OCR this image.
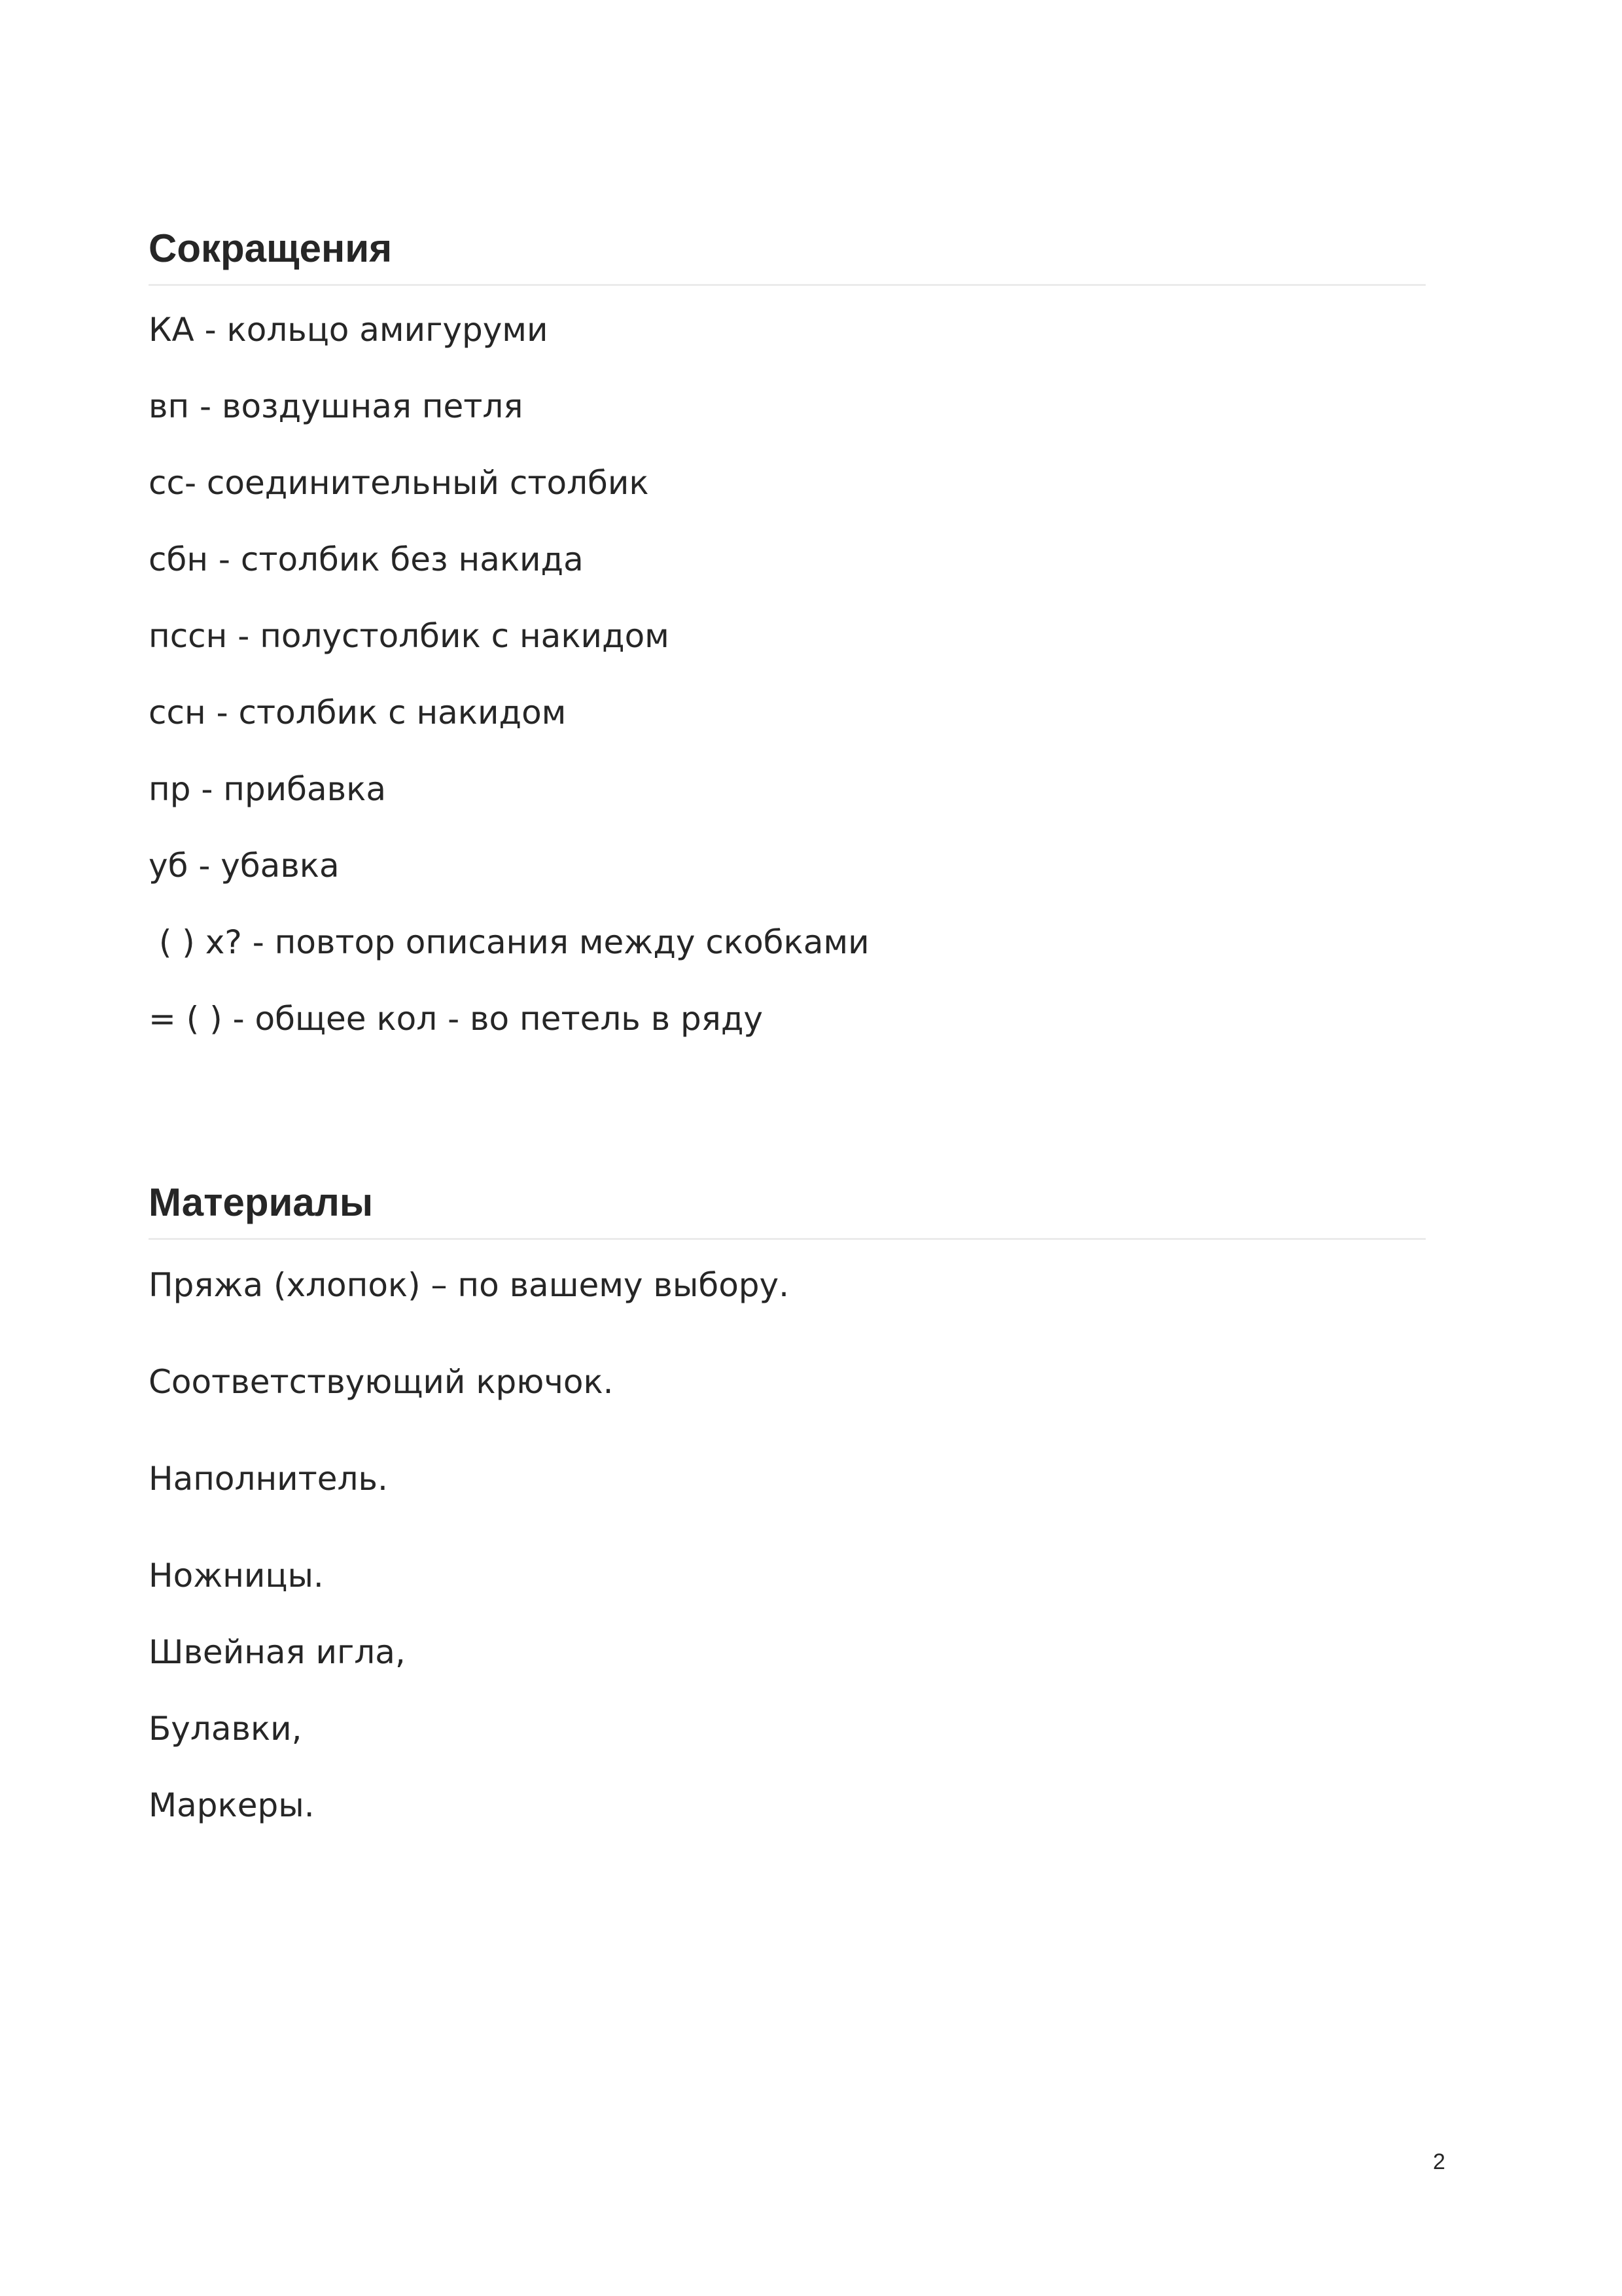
Сокращения
КА - кольцо амигуруми
вп - воздушная петля
сс- соединительный столбик
сбн - столбик без накида
пссн - полустолбик с накидом
ссн - столбик с накидом
пр - прибавка
уб - убавка
( ) х? - повтор описания между скобками
= ( ) - общее кол - во петель в ряду
Материалы
Пряжа (хлопок) – по вашему выбору.
Соответствующий крючок.
Наполнитель.
Ножницы.
Швейная игла,
Булавки,
Маркеры.
2
